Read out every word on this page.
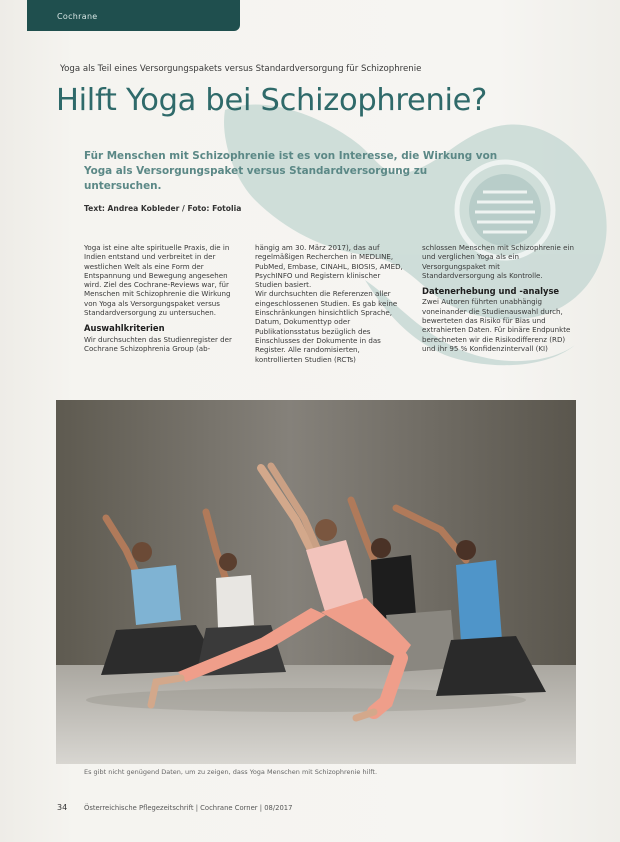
Cochrane
Yoga als Teil eines Versorgungspakets versus Standardversorgung für Schizophrenie
Hilft Yoga bei Schizophrenie?
Für Menschen mit Schizophrenie ist es von Interesse, die Wirkung von Yoga als Versorgungspaket versus Standardversorgung zu untersuchen.
Text: Andrea Kobleder / Foto: Fotolia

Yoga ist eine alte spirituelle Praxis, die in Indien entstand und verbreitet in der westlichen Welt als eine Form der Entspannung und Bewegung angesehen wird. Ziel des Cochrane-Reviews war, für Menschen mit Schizophrenie die Wirkung von Yoga als Versorgungspaket versus Standardversorgung zu untersuchen.

Auswahlkriterien

Wir durchsuchten das Studienregister der Cochrane Schizophrenia Group (ab-

hängig am 30. März 2017), das auf regelmäßigen Recherchen in MEDLINE, PubMed, Embase, CINAHL, BIOSIS, AMED, PsychINFO und Registern klinischer Studien basiert.

Wir durchsuchten die Referenzen aller eingeschlossenen Studien. Es gab keine Einschränkungen hinsichtlich Sprache, Datum, Dokumenttyp oder Publikationsstatus bezüglich des Einschlusses der Dokumente in das Register. Alle randomisierten, kontrollierten Studien (RCTs)

schlossen Menschen mit Schizophrenie ein und verglichen Yoga als ein Versorgungspaket mit Standardversorgung als Kontrolle.

Datenerhebung und -analyse

Zwei Autoren führten unabhängig voneinander die Studienauswahl durch, bewerteten das Risiko für Bias und extrahierten Daten. Für binäre Endpunkte berechneten wir die Risikodifferenz (RD) und ihr 95 % Konfidenzintervall (KI)

Es gibt nicht genügend Daten, um zu zeigen, dass Yoga Menschen mit Schizophrenie hilft.
34 Österreichische Pflegezeitschrift | Cochrane Corner | 08/2017
